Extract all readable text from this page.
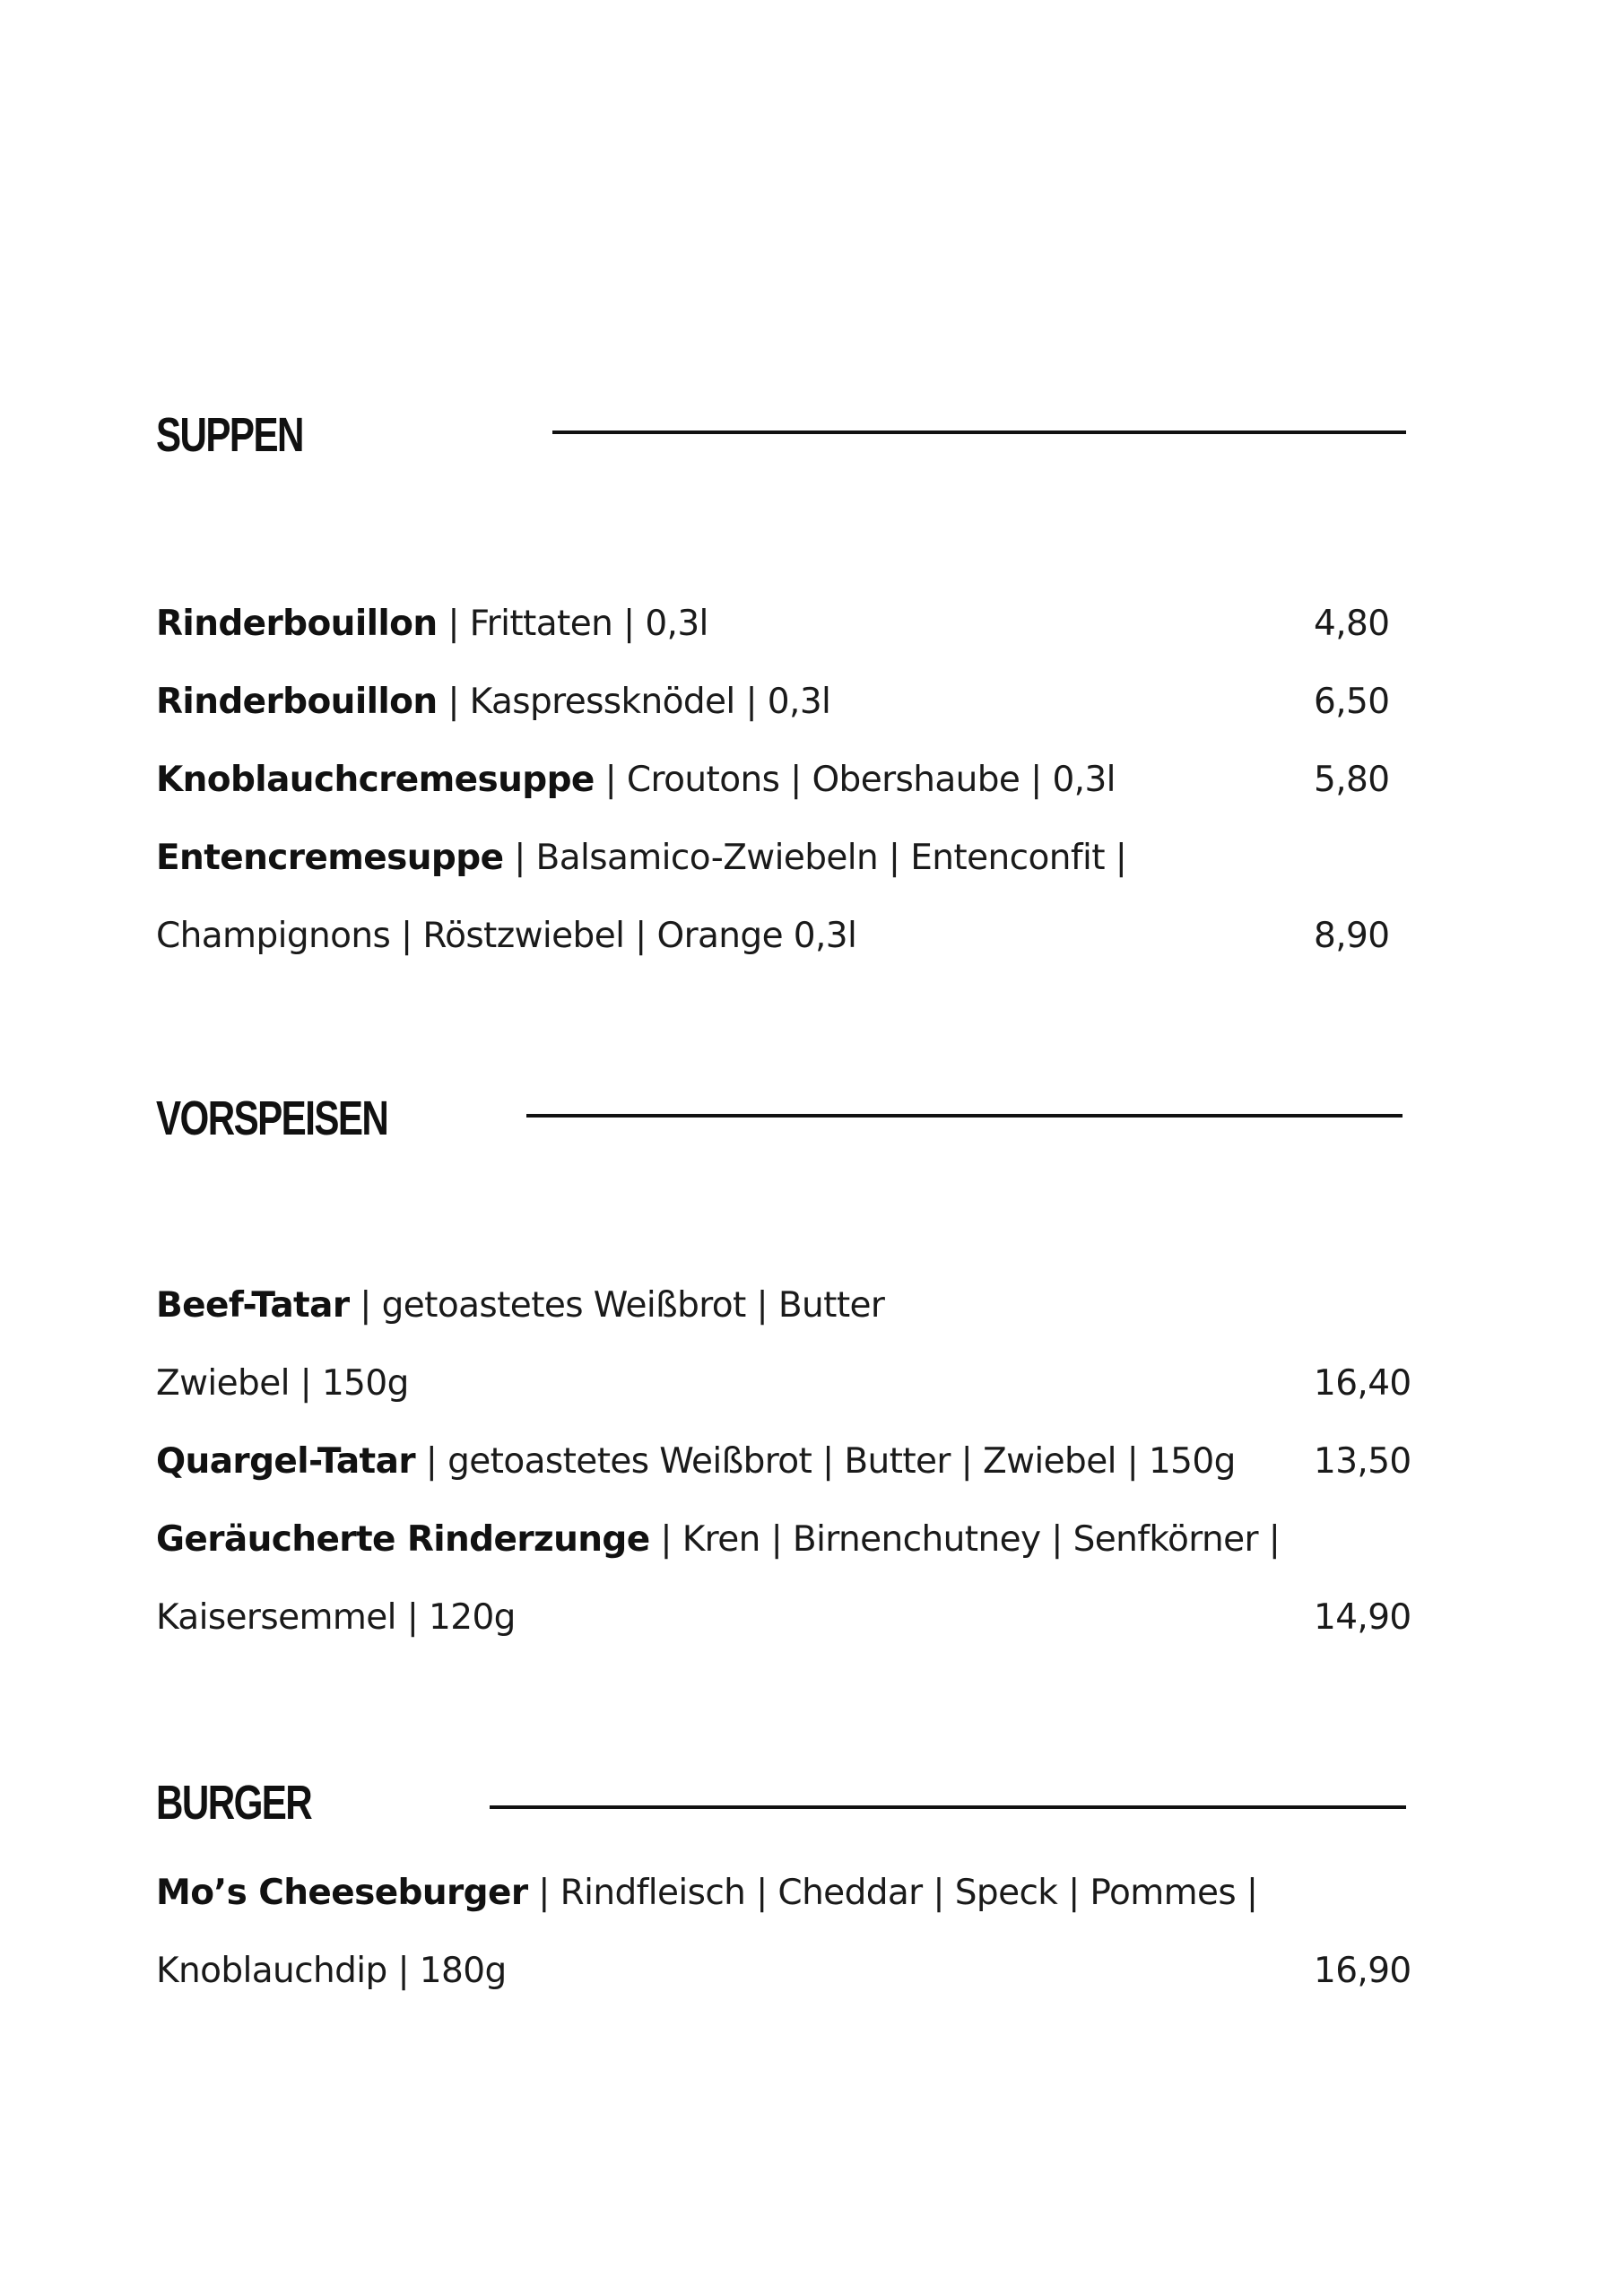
SUPPEN
Rinderbouillon | Frittaten | 0,3l	4,80
Rinderbouillon | Kaspressknödel | 0,3l	6,50
Knoblauchcremesuppe | Croutons | Obershaube | 0,3l	5,80
Entencremesuppe | Balsamico-Zwiebeln | Entenconfit |
Champignons | Röstzwiebel | Orange 0,3l	8,90
VORSPEISEN
Beef-Tatar | getoastetes Weißbrot | Butter
Zwiebel | 150g	16,40
Quargel-Tatar | getoastetes Weißbrot | Butter | Zwiebel | 150g 13,50
Geräucherte Rinderzunge | Kren | Birnenchutney | Senfkörner |
Kaisersemmel | 120g	14,90
BURGER
Mo’s Cheeseburger | Rindfleisch | Cheddar | Speck | Pommes |
Knoblauchdip | 180g	16,90
